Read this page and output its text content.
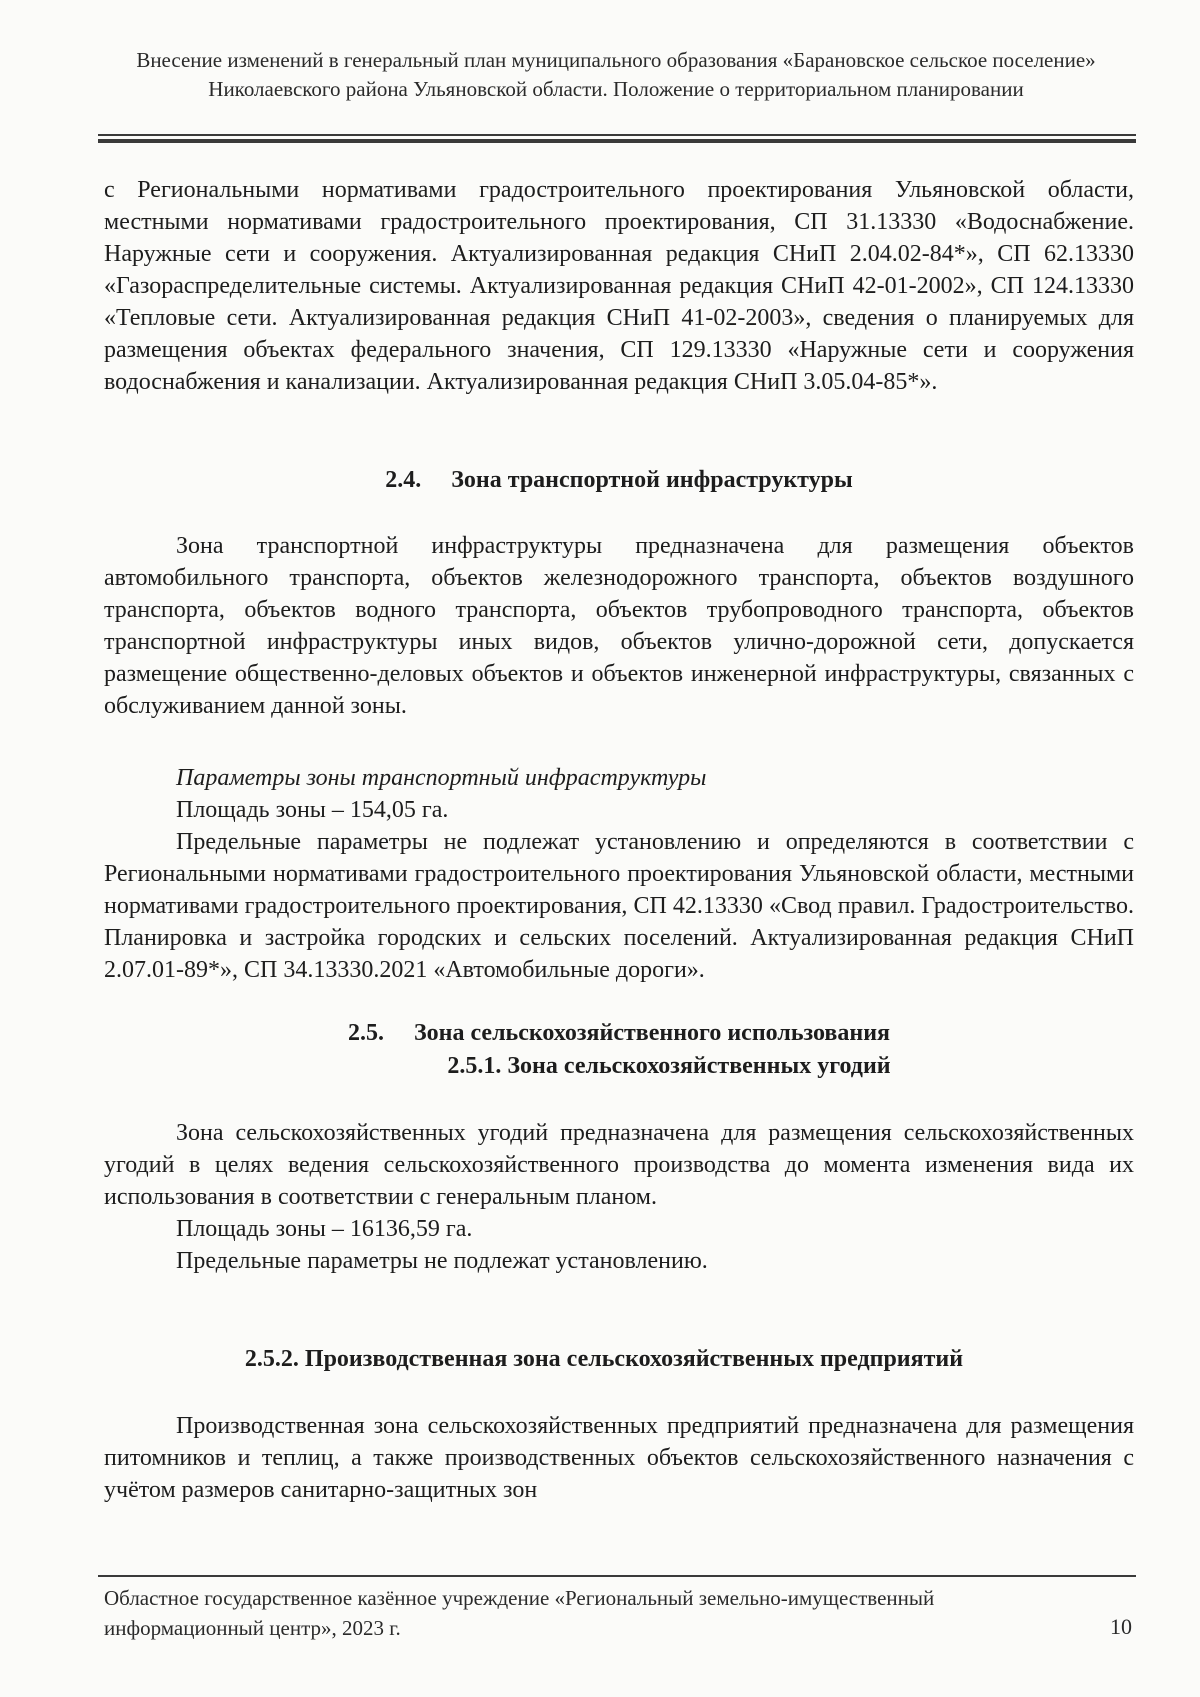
Внесение изменений в генеральный план муниципального образования «Барановское сельское поселение» Николаевского района Ульяновской области. Положение о территориальном планировании

с Региональными нормативами градостроительного проектирования Ульяновской области, местными нормативами градостроительного проектирования, СП 31.13330 «Водоснабжение. Наружные сети и сооружения. Актуализированная редакция СНиП 2.04.02-84*», СП 62.13330 «Газораспределительные системы. Актуализированная редакция СНиП 42-01-2002», СП 124.13330 «Тепловые сети. Актуализированная редакция СНиП 41-02-2003», сведения о планируемых для размещения объектах федерального значения, СП 129.13330 «Наружные сети и сооружения водоснабжения и канализации. Актуализированная редакция СНиП 3.05.04-85*».

2.4. Зона транспортной инфраструктуры

Зона транспортной инфраструктуры предназначена для размещения объектов автомобильного транспорта, объектов железнодорожного транспорта, объектов воздушного транспорта, объектов водного транспорта, объектов трубопроводного транспорта, объектов транспортной инфраструктуры иных видов, объектов улично-дорожной сети, допускается размещение общественно-деловых объектов и объектов инженерной инфраструктуры, связанных с обслуживанием данной зоны.

Параметры зоны транспортный инфраструктуры

Площадь зоны – 154,05 га.

Предельные параметры не подлежат установлению и определяются в соответствии с Региональными нормативами градостроительного проектирования Ульяновской области, местными нормативами градостроительного проектирования, СП 42.13330 «Свод правил. Градостроительство. Планировка и застройка городских и сельских поселений. Актуализированная редакция СНиП 2.07.01-89*», СП 34.13330.2021 «Автомобильные дороги».

2.5. Зона сельскохозяйственного использования
2.5.1. Зона сельскохозяйственных угодий

Зона сельскохозяйственных угодий предназначена для размещения сельскохозяйственных угодий в целях ведения сельскохозяйственного производства до момента изменения вида их использования в соответствии с генеральным планом.

Площадь зоны – 16136,59 га.

Предельные параметры не подлежат установлению.

2.5.2. Производственная зона сельскохозяйственных предприятий

Производственная зона сельскохозяйственных предприятий предназначена для размещения питомников и теплиц, а также производственных объектов сельскохозяйственного назначения с учётом размеров санитарно-защитных зон

Областное государственное казённое учреждение «Региональный земельно-имущественный информационный центр», 2023 г.	10
